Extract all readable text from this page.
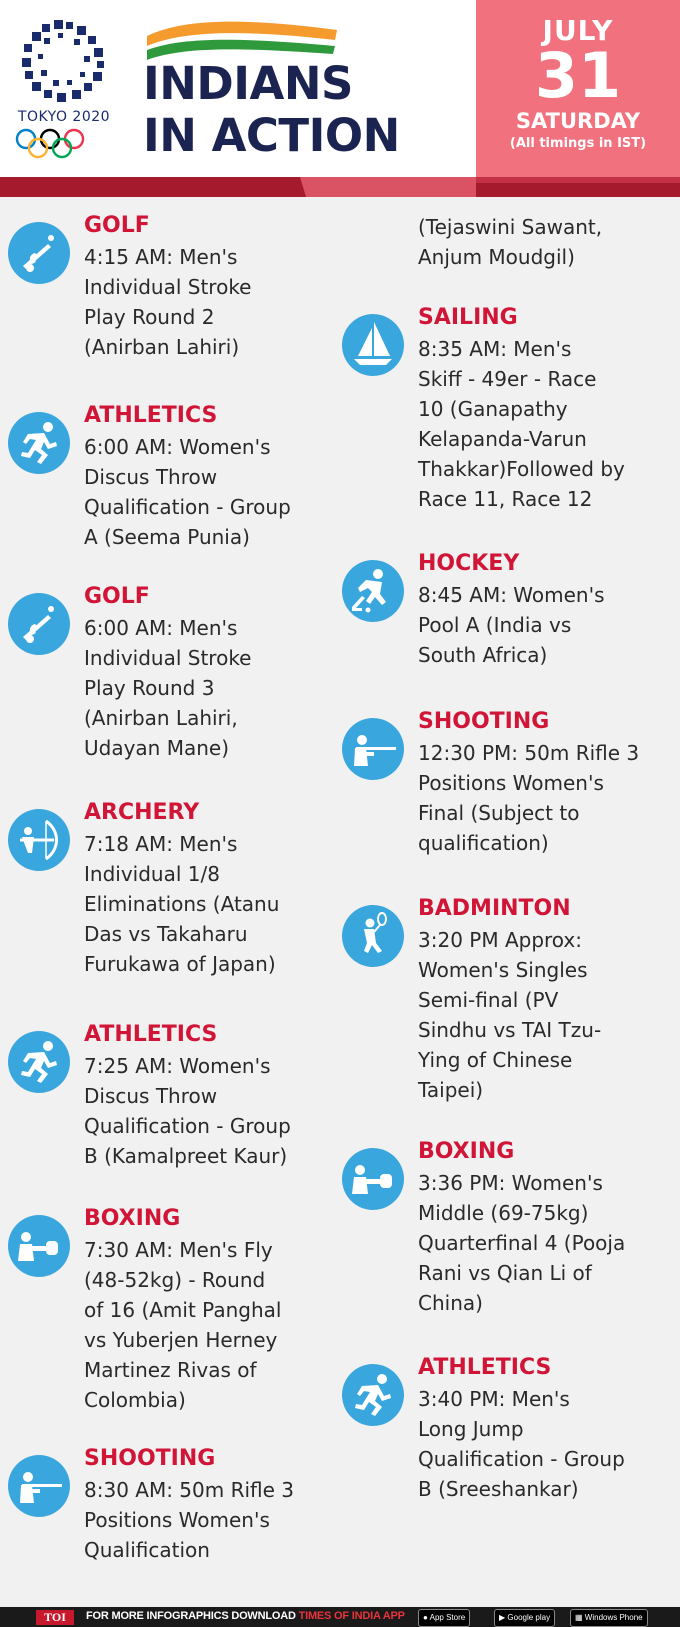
TOKYO 2020
INDIANS
IN ACTION
JULY
31
SATURDAY
(All timings in IST)
(Tejaswini Sawant,
Anjum Moudgil)
GOLF
4:15 AM: Men's
Individual Stroke
Play Round 2
(Anirban Lahiri)
ATHLETICS
6:00 AM: Women's
Discus Throw
Qualification - Group
A (Seema Punia)
GOLF
6:00 AM: Men's
Individual Stroke
Play Round 3
(Anirban Lahiri,
Udayan Mane)
ARCHERY
7:18 AM: Men's
Individual 1/8
Eliminations (Atanu
Das vs Takaharu
Furukawa of Japan)
ATHLETICS
7:25 AM: Women's
Discus Throw
Qualification - Group
B (Kamalpreet Kaur)
BOXING
7:30 AM: Men's Fly
(48-52kg) - Round
of 16 (Amit Panghal
vs Yuberjen Herney
Martinez Rivas of
Colombia)
SHOOTING
8:30 AM: 50m Rifle 3
Positions Women's
Qualification
SAILING
8:35 AM: Men's
Skiff - 49er - Race
10 (Ganapathy
Kelapanda-Varun
Thakkar)Followed by
Race 11, Race 12
HOCKEY
8:45 AM: Women's
Pool A (India vs
South Africa)
SHOOTING
12:30 PM: 50m Rifle 3
Positions Women's
Final (Subject to
qualification)
BADMINTON
3:20 PM Approx:
Women's Singles
Semi-final (PV
Sindhu vs TAI Tzu-
Ying of Chinese
Taipei)
BOXING
3:36 PM: Women's
Middle (69-75kg)
Quarterfinal 4 (Pooja
Rani vs Qian Li of
China)
ATHLETICS
3:40 PM: Men's
Long Jump
Qualification - Group
B (Sreeshankar)
TOI	FOR MORE INFOGRAPHICS DOWNLOAD TIMES OF INDIA APP	● App Store	▶ Google play	▦ Windows Phone
